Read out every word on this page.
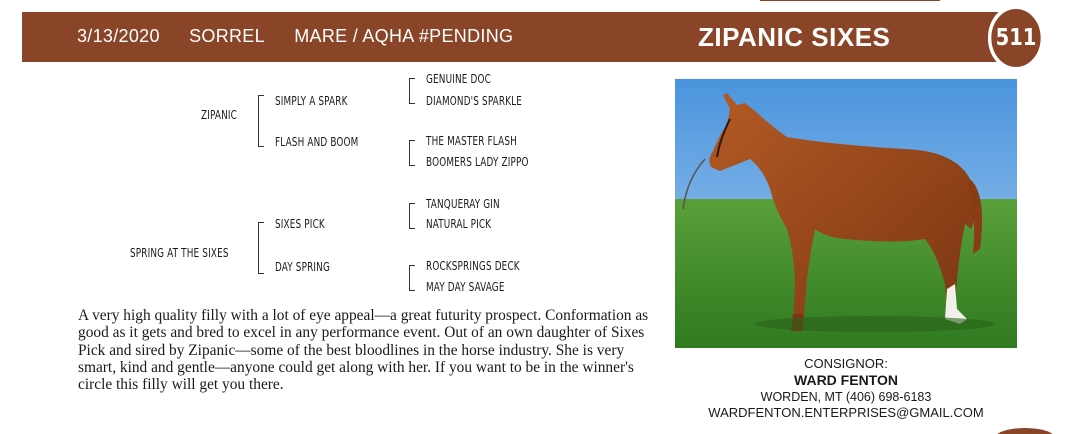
3/13/2020 SORREL MARE / AQHA #PENDING	ZIPANIC SIXES	511
ZIPANIC
SIMPLY A SPARK
FLASH AND BOOM
GENUINE DOC
DIAMOND'S SPARKLE
THE MASTER FLASH
BOOMERS LADY ZIPPO
SPRING AT THE SIXES
SIXES PICK
DAY SPRING
TANQUERAY GIN
NATURAL PICK
ROCKSPRINGS DECK
MAY DAY SAVAGE
A very high quality filly with a lot of eye appeal—a great futurity prospect. Conformation as good as it gets and bred to excel in any performance event. Out of an own daughter of Sixes Pick and sired by Zipanic—some of the best bloodlines in the horse industry. She is very smart, kind and gentle—anyone could get along with her. If you want to be in the winner's circle this filly will get you there.
CONSIGNOR:
WARD FENTON
WORDEN, MT (406) 698-6183
WARDFENTON.ENTERPRISES@GMAIL.COM
